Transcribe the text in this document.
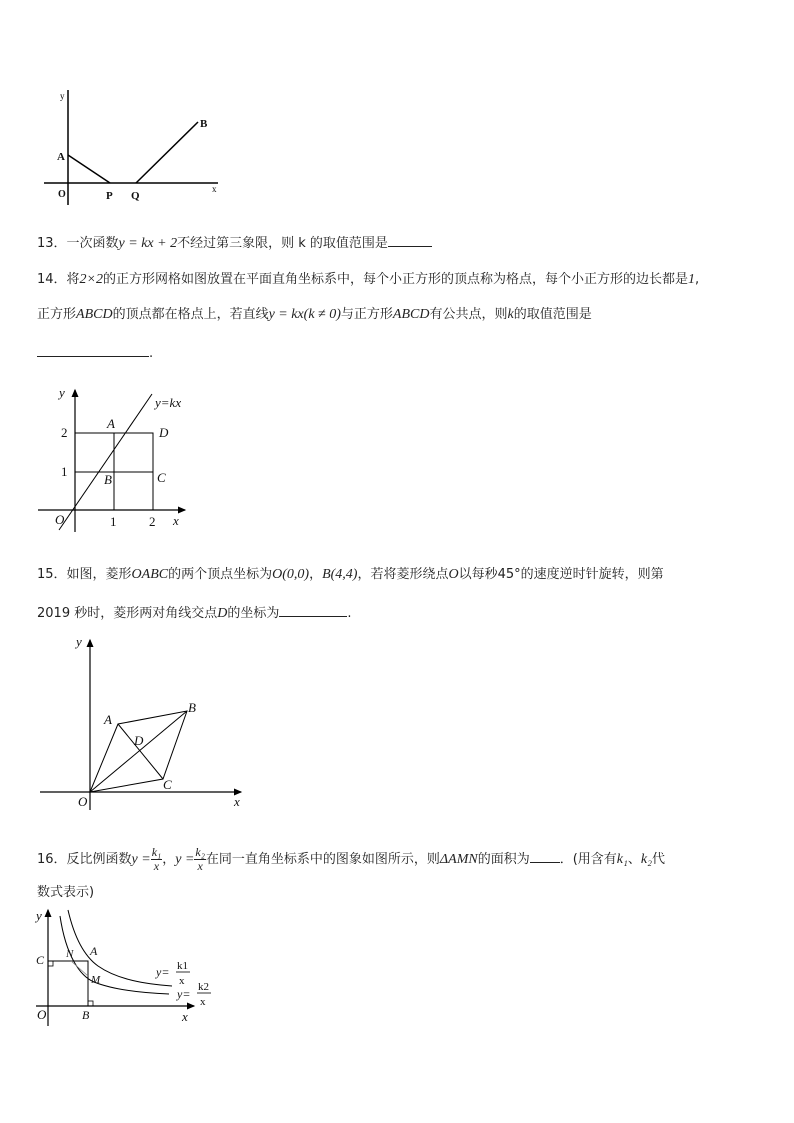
y
x
O
A
B
P Q
13．一次函数y = kx + 2不经过第三象限，则 k 的取值范围是
14．将2×2的正方形网格如图放置在平面直角坐标系中，每个小正方形的顶点称为格点，每个小正方形的边长都是1,
正方形ABCD的顶点都在格点上，若直线y = kx(k ≠ 0)与正方形ABCD有公共点，则k的取值范围是
.
y
x
O
y=kx
A
B	C
D
1
2
1	2
15．如图，菱形OABC的两个顶点坐标为O(0,0)，B(4,4)，若将菱形绕点O以每秒45°的速度逆时针旋转，则第
2019 秒时，菱形两对角线交点D的坐标为	.
y
x
O
A
B
C
D
16．反比例函数$y = \frac{\text{k₁}}{x}$ ，$y = \frac{\text{k₂}}{x}$ 在同一直角坐标系中的图象如图所示，则ΔAMN的面积为 ．(用含有k₁、k₂代
数式表示)
y
x
O
A
B
C
M
N
y= k1
x
y= k2
x
